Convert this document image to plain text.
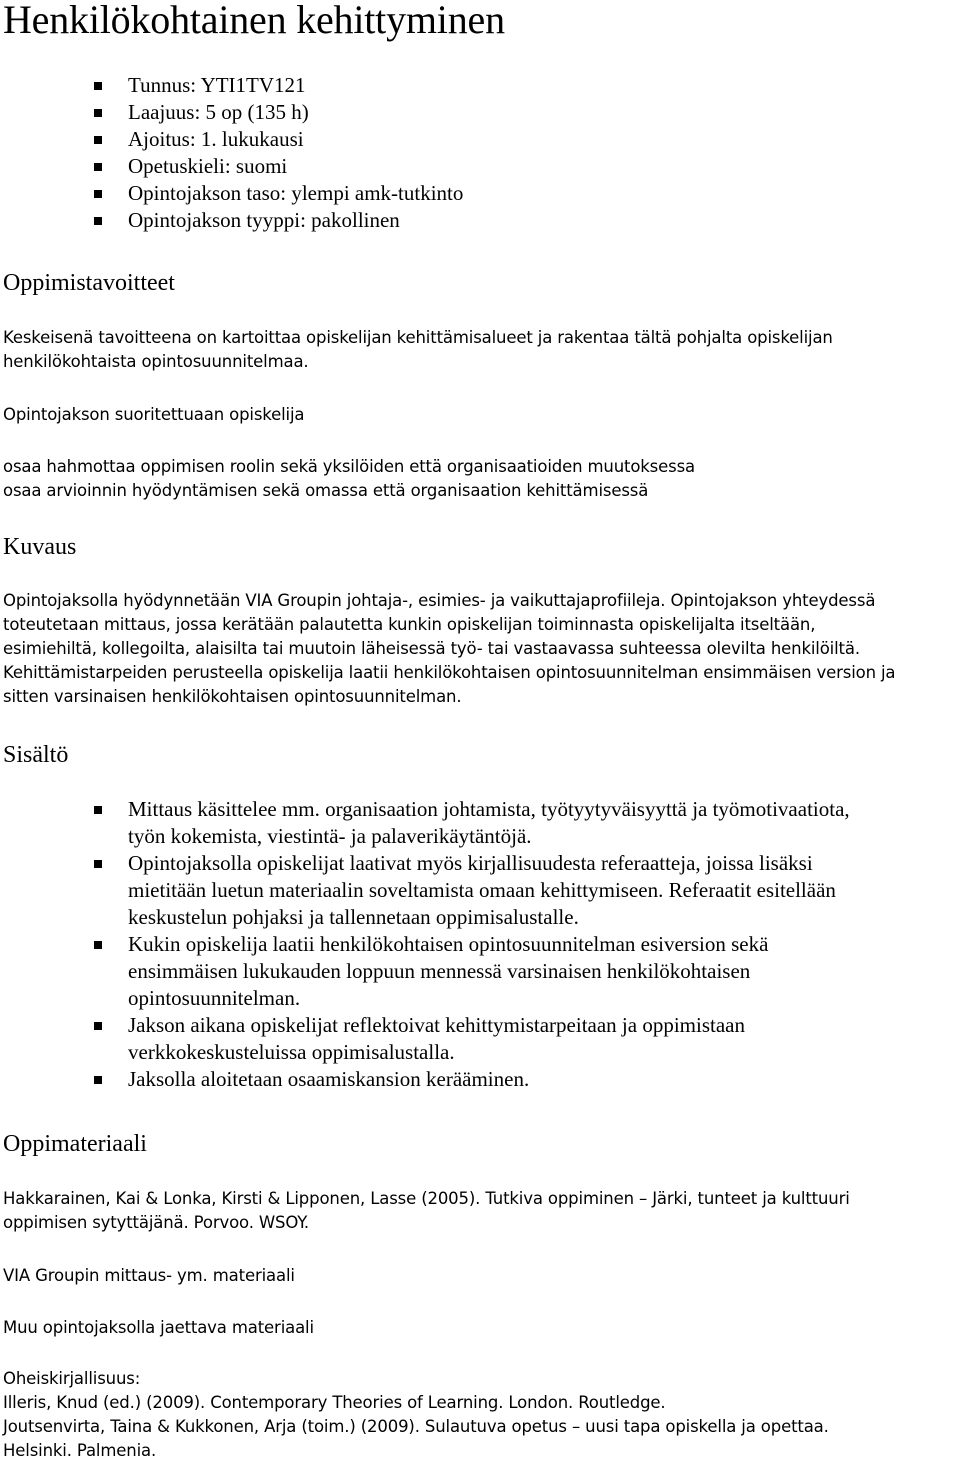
Henkilökohtainen kehittyminen
Tunnus: YTI1TV121
Laajuus: 5 op (135 h)
Ajoitus: 1. lukukausi
Opetuskieli: suomi
Opintojakson taso: ylempi amk-tutkinto
Opintojakson tyyppi: pakollinen
Oppimistavoitteet
Keskeisenä tavoitteena on kartoittaa opiskelijan kehittämisalueet ja rakentaa tältä pohjalta opiskelijan
henkilökohtaista opintosuunnitelmaa.
Opintojakson suoritettuaan opiskelija
osaa hahmottaa oppimisen roolin sekä yksilöiden että organisaatioiden muutoksessa
osaa arvioinnin hyödyntämisen sekä omassa että organisaation kehittämisessä
Kuvaus
Opintojaksolla hyödynnetään VIA Groupin johtaja-, esimies- ja vaikuttajaprofiileja. Opintojakson yhteydessä
toteutetaan mittaus, jossa kerätään palautetta kunkin opiskelijan toiminnasta opiskelijalta itseltään,
esimiehiltä, kollegoilta, alaisilta tai muutoin läheisessä työ- tai vastaavassa suhteessa olevilta henkilöiltä.
Kehittämistarpeiden perusteella opiskelija laatii henkilökohtaisen opintosuunnitelman ensimmäisen version ja
sitten varsinaisen henkilökohtaisen opintosuunnitelman.
Sisältö
Mittaus käsittelee mm. organisaation johtamista, työtyytyväisyyttä ja työmotivaatiota,
työn kokemista, viestintä- ja palaverikäytäntöjä.
Opintojaksolla opiskelijat laativat myös kirjallisuudesta referaatteja, joissa lisäksi
mietitään luetun materiaalin soveltamista omaan kehittymiseen. Referaatit esitellään
keskustelun pohjaksi ja tallennetaan oppimisalustalle.
Kukin opiskelija laatii henkilökohtaisen opintosuunnitelman esiversion sekä
ensimmäisen lukukauden loppuun mennessä varsinaisen henkilökohtaisen
opintosuunnitelman.
Jakson aikana opiskelijat reflektoivat kehittymistarpeitaan ja oppimistaan
verkkokeskusteluissa oppimisalustalla.
Jaksolla aloitetaan osaamiskansion kerääminen.
Oppimateriaali
Hakkarainen, Kai & Lonka, Kirsti & Lipponen, Lasse (2005). Tutkiva oppiminen – Järki, tunteet ja kulttuuri
oppimisen sytyttäjänä. Porvoo. WSOY.
VIA Groupin mittaus- ym. materiaali
Muu opintojaksolla jaettava materiaali
Oheiskirjallisuus:
Illeris, Knud (ed.) (2009). Contemporary Theories of Learning. London. Routledge.
Joutsenvirta, Taina & Kukkonen, Arja (toim.) (2009). Sulautuva opetus – uusi tapa opiskella ja opettaa.
Helsinki. Palmenia.
